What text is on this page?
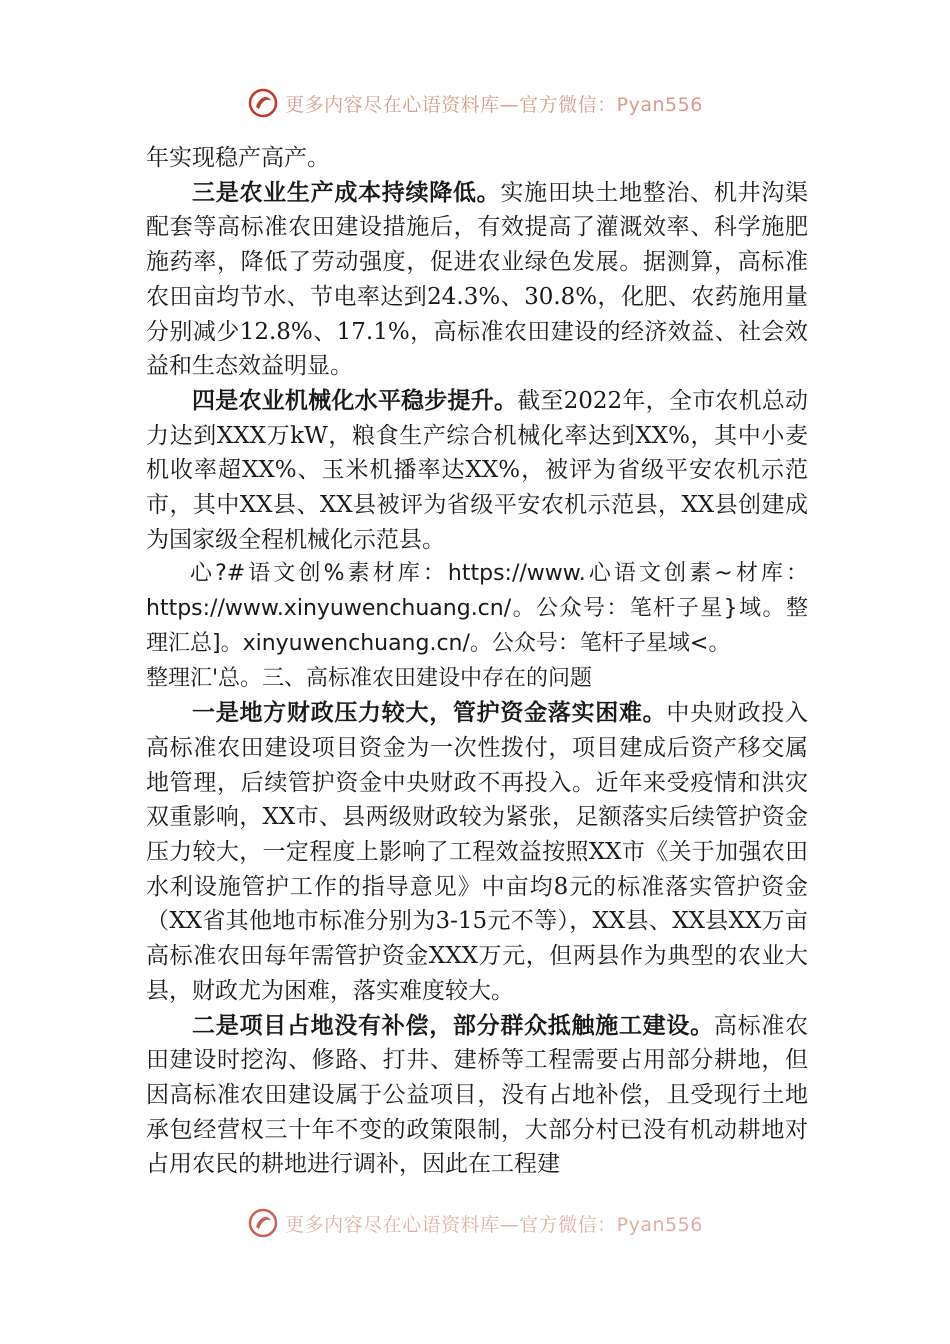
更多内容尽在心语资料库—官方微信：Pyan556

年实现稳产高产。

三是农业生产成本持续降低。实施田块土地整治、机井沟渠配套等高标准农田建设措施后，有效提高了灌溉效率、科学施肥施药率，降低了劳动强度，促进农业绿色发展。据测算，高标准农田亩均节水、节电率达到24.3%、30.8%，化肥、农药施用量分别减少12.8%、17.1%，高标准农田建设的经济效益、社会效益和生态效益明显。

四是农业机械化水平稳步提升。截至2022年，全市农机总动力达到XXX万kW，粮食生产综合机械化率达到XX%，其中小麦机收率超XX%、玉米机播率达XX%，被评为省级平安农机示范市，其中XX县、XX县被评为省级平安农机示范县，XX县创建成为国家级全程机械化示范县。

心?#语文创%素材库：https://www.心语文创素~材库：https://www.xinyuwenchuang.cn/。公众号：笔杆子星}域。整理汇总]。xinyuwenchuang.cn/。公众号：笔杆子星域<。

整理汇'总。三、高标准农田建设中存在的问题

一是地方财政压力较大，管护资金落实困难。中央财政投入高标准农田建设项目资金为一次性拨付，项目建成后资产移交属地管理，后续管护资金中央财政不再投入。近年来受疫情和洪灾双重影响，XX市、县两级财政较为紧张，足额落实后续管护资金压力较大，一定程度上影响了工程效益按照XX市《关于加强农田水利设施管护工作的指导意见》中亩均8元的标准落实管护资金（XX省其他地市标准分别为3-15元不等），XX县、XX县XX万亩高标准农田每年需管护资金XXX万元，但两县作为典型的农业大县，财政尤为困难，落实难度较大。

二是项目占地没有补偿，部分群众抵触施工建设。高标准农田建设时挖沟、修路、打井、建桥等工程需要占用部分耕地，但因高标准农田建设属于公益项目，没有占地补偿，且受现行土地承包经营权三十年不变的政策限制，大部分村已没有机动耕地对占用农民的耕地进行调补，因此在工程建

更多内容尽在心语资料库—官方微信：Pyan556
